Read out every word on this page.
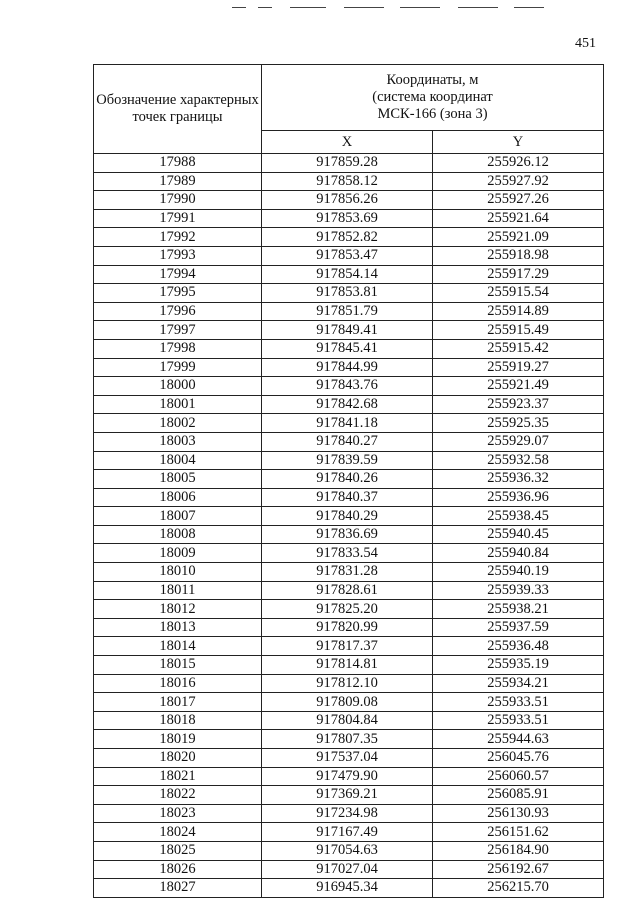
451
Обозначение характерных точек границы	Координаты, м
(система координат
МСК-166 (зона 3)	

	X	Y
17988	917859.28	255926.12
17989	917858.12	255927.92
17990	917856.26	255927.26
17991	917853.69	255921.64
17992	917852.82	255921.09
17993	917853.47	255918.98
17994	917854.14	255917.29
17995	917853.81	255915.54
17996	917851.79	255914.89
17997	917849.41	255915.49
17998	917845.41	255915.42
17999	917844.99	255919.27
18000	917843.76	255921.49
18001	917842.68	255923.37
18002	917841.18	255925.35
18003	917840.27	255929.07
18004	917839.59	255932.58
18005	917840.26	255936.32
18006	917840.37	255936.96
18007	917840.29	255938.45
18008	917836.69	255940.45
18009	917833.54	255940.84
18010	917831.28	255940.19
18011	917828.61	255939.33
18012	917825.20	255938.21
18013	917820.99	255937.59
18014	917817.37	255936.48
18015	917814.81	255935.19
18016	917812.10	255934.21
18017	917809.08	255933.51
18018	917804.84	255933.51
18019	917807.35	255944.63
18020	917537.04	256045.76
18021	917479.90	256060.57
18022	917369.21	256085.91
18023	917234.98	256130.93
18024	917167.49	256151.62
18025	917054.63	256184.90
18026	917027.04	256192.67
18027	916945.34	256215.70
